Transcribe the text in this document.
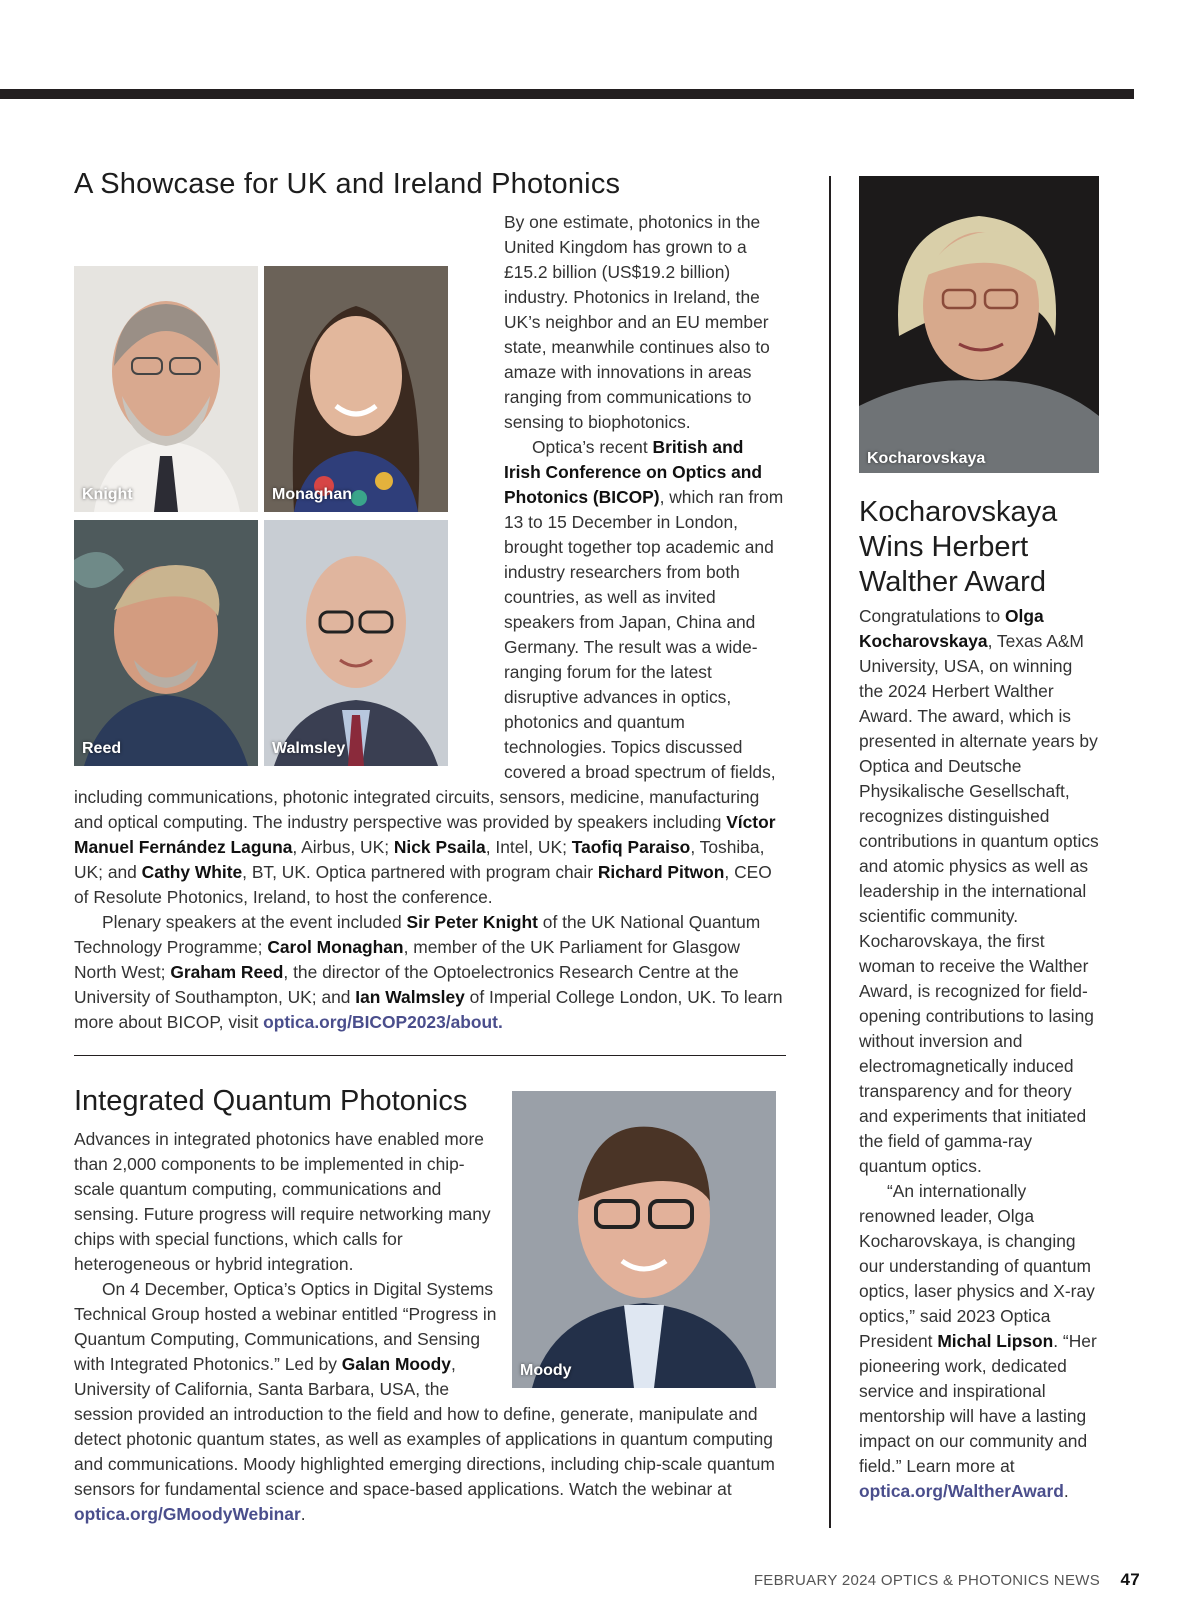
A Showcase for UK and Ireland Photonics
Knight	Monaghan
Reed	Walmsley

By one estimate, photonics in the United Kingdom has grown to a £15.2 billion (US$19.2 billion) industry. Photonics in Ireland, the UK’s neighbor and an EU member state, meanwhile continues also to amaze with innovations in areas ranging from communications to sensing to biophotonics.

Optica’s recent British and Irish Conference on Optics and Photonics (BICOP), which ran from 13 to 15 December in London, brought together top academic and industry researchers from both countries, as well as invited speakers from Japan, China and Germany. The result was a wide-ranging forum for the latest disruptive advances in optics, photonics and quantum technologies. Topics discussed covered a broad spectrum of fields, including communications, photonic integrated circuits, sensors, medicine, manufacturing and optical computing. The industry perspective was provided by speakers including Víctor Manuel Fernández Laguna, Airbus, UK; Nick Psaila, Intel, UK; Taofiq Paraiso, Toshiba, UK; and Cathy White, BT, UK. Optica partnered with program chair Richard Pitwon, CEO of Resolute Photonics, Ireland, to host the conference.

Plenary speakers at the event included Sir Peter Knight of the UK National Quantum Technology Programme; Carol Monaghan, member of the UK Parliament for Glasgow North West; Graham Reed, the director of the Optoelectronics Research Centre at the University of Southampton, UK; and Ian Walmsley of Imperial College London, UK. To learn more about BICOP, visit optica.org/BICOP2023/about.

Integrated Quantum Photonics
Moody

Advances in integrated photonics have enabled more than 2,000 components to be implemented in chip-scale quantum computing, communications and sensing. Future progress will require networking many chips with special functions, which calls for heterogeneous or hybrid integration.

On 4 December, Optica’s Optics in Digital Systems Technical Group hosted a webinar entitled “Progress in Quantum Computing, Communications, and Sensing with Integrated Photonics.” Led by Galan Moody, University of California, Santa Barbara, USA, the session provided an introduction to the field and how to define, generate, manipulate and detect photonic quantum states, as well as examples of applications in quantum computing and communications. Moody highlighted emerging directions, including chip-scale quantum sensors for fundamental science and space-based applications. Watch the webinar at optica.org/GMoodyWebinar.

Kocharovskaya
Kocharovskaya Wins Herbert Walther Award

Congratulations to Olga Kocharovskaya, Texas A&M University, USA, on winning the 2024 Herbert Walther Award. The award, which is presented in alternate years by Optica and Deutsche Physikalische Gesellschaft, recognizes distinguished contributions in quantum optics and atomic physics as well as leadership in the international scientific community. Kocharovskaya, the first woman to receive the Walther Award, is recognized for field-opening contributions to lasing without inversion and electromagnetically induced transparency and for theory and experiments that initiated the field of gamma-ray quantum optics.

“An internationally renowned leader, Olga Kocharovskaya, is changing our understanding of quantum optics, laser physics and X-ray optics,” said 2023 Optica President Michal Lipson. “Her pioneering work, dedicated service and inspirational mentorship will have a lasting impact on our community and field.” Learn more at optica.org/WaltherAward.

FEBRUARY 2024 OPTICS & PHOTONICS NEWS 47
